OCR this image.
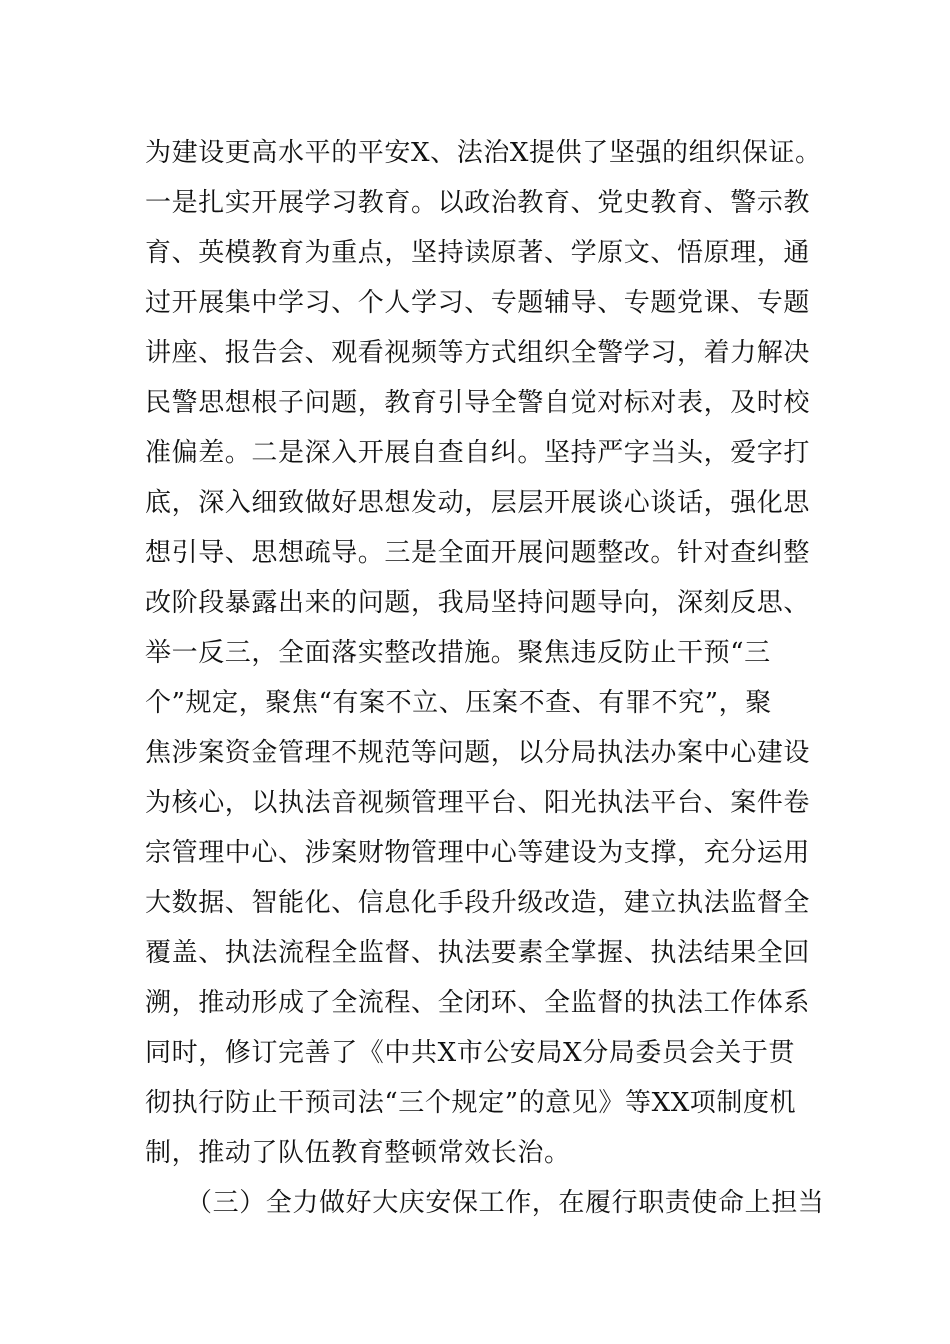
为建设更高水平的平安X、法治X提供了坚强的组织保证。
一是扎实开展学习教育。以政治教育、党史教育、警示教
育、英模教育为重点，坚持读原著、学原文、悟原理，通
过开展集中学习、个人学习、专题辅导、专题党课、专题
讲座、报告会、观看视频等方式组织全警学习，着力解决
民警思想根子问题，教育引导全警自觉对标对表，及时校
准偏差。二是深入开展自查自纠。坚持严字当头，爱字打
底，深入细致做好思想发动，层层开展谈心谈话，强化思
想引导、思想疏导。三是全面开展问题整改。针对查纠整
改阶段暴露出来的问题，我局坚持问题导向，深刻反思、
举一反三，全面落实整改措施。聚焦违反防止干预“三
个”规定，聚焦“有案不立、压案不查、有罪不究”，聚
焦涉案资金管理不规范等问题，以分局执法办案中心建设
为核心，以执法音视频管理平台、阳光执法平台、案件卷
宗管理中心、涉案财物管理中心等建设为支撑，充分运用
大数据、智能化、信息化手段升级改造，建立执法监督全
覆盖、执法流程全监督、执法要素全掌握、执法结果全回
溯，推动形成了全流程、全闭环、全监督的执法工作体系
同时，修订完善了《中共X市公安局X分局委员会关于贯
彻执行防止干预司法“三个规定”的意见》等XX项制度机
制，推动了队伍教育整顿常效长治。
（三）全力做好大庆安保工作，在履行职责使命上担当
